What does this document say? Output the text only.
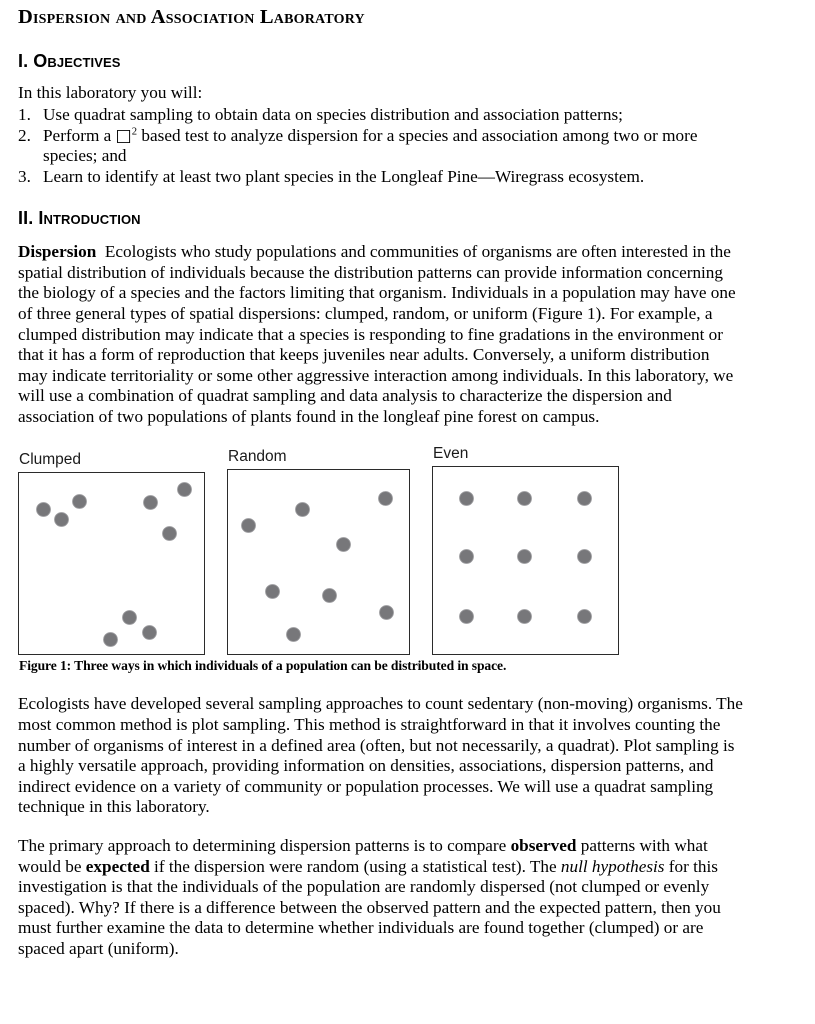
Dispersion and Association Laboratory
I. Objectives

In this laboratory you will:

1. Use quadrat sampling to obtain data on species distribution and association patterns;
2. Perform a □$^2$ based test to analyze dispersion for a species and association among two or more species; and
3. Learn to identify at least two plant species in the Longleaf Pine—Wiregrass ecosystem.
II. Introduction

Dispersion Ecologists who study populations and communities of organisms are often interested in the spatial distribution of individuals because the distribution patterns can provide information concerning the biology of a species and the factors limiting that organism. Individuals in a population may have one of three general types of spatial dispersions: clumped, random, or uniform (Figure 1). For example, a clumped distribution may indicate that a species is responding to fine gradations in the environment or that it has a form of reproduction that keeps juveniles near adults. Conversely, a uniform distribution may indicate territoriality or some other aggressive interaction among individuals. In this laboratory, we will use a combination of quadrat sampling and data analysis to characterize the dispersion and association of two populations of plants found in the longleaf pine forest on campus.

Clumped	Random	Even
Figure 1: Three ways in which individuals of a population can be distributed in space.

Ecologists have developed several sampling approaches to count sedentary (non-moving) organisms. The most common method is plot sampling. This method is straightforward in that it involves counting the number of organisms of interest in a defined area (often, but not necessarily, a quadrat). Plot sampling is a highly versatile approach, providing information on densities, associations, dispersion patterns, and indirect evidence on a variety of community or population processes. We will use a quadrat sampling technique in this laboratory.

The primary approach to determining dispersion patterns is to compare observed patterns with what would be expected if the dispersion were random (using a statistical test). The null hypothesis for this investigation is that the individuals of the population are randomly dispersed (not clumped or evenly spaced). Why? If there is a difference between the observed pattern and the expected pattern, then you must further examine the data to determine whether individuals are found together (clumped) or are spaced apart (uniform).
